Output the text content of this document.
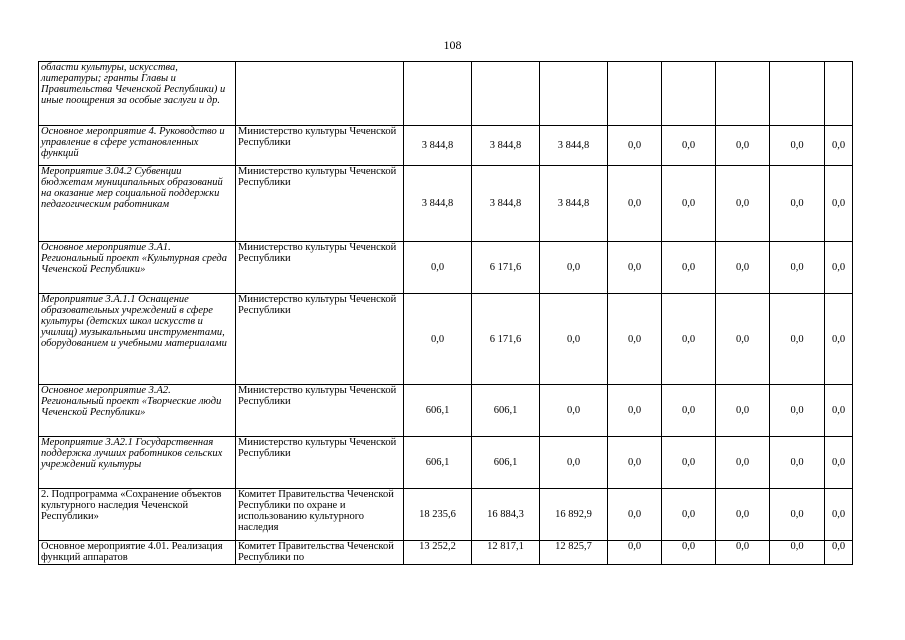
108
области культуры, искусства, литературы; гранты Главы и Правительства Чеченской Республики) и иные поощрения за особые заслуги и др.									
Основное мероприятие 4. Руководство и управление в сфере установленных функций	Министерство культуры Чеченской Республики	3 844,8	3 844,8	3 844,8	0,0	0,0	0,0	0,0	0,0
Мероприятие 3.04.2 Субвенции бюджетам муниципальных образований на оказание мер социальной поддержки педагогическим работникам	Министерство культуры Чеченской Республики	3 844,8	3 844,8	3 844,8	0,0	0,0	0,0	0,0	0,0
Основное мероприятие 3.А1. Региональный проект «Культурная среда Чеченской Республики»	Министерство культуры Чеченской Республики	0,0	6 171,6	0,0	0,0	0,0	0,0	0,0	0,0
Мероприятие 3.А.1.1 Оснащение образовательных учреждений в сфере культуры (детских школ искусств и училищ) музыкальными инструментами, оборудованием и учебными материалами	Министерство культуры Чеченской Республики	0,0	6 171,6	0,0	0,0	0,0	0,0	0,0	0,0
Основное мероприятие 3.А2. Региональный проект «Творческие люди Чеченской Республики»	Министерство культуры Чеченской Республики	606,1	606,1	0,0	0,0	0,0	0,0	0,0	0,0
Мероприятие 3.А2.1 Государственная поддержка лучших работников сельских учреждений культуры	Министерство культуры Чеченской Республики	606,1	606,1	0,0	0,0	0,0	0,0	0,0	0,0
2. Подпрограмма «Сохранение объектов культурного наследия Чеченской Республики»	Комитет Правительства Чеченской Республики по охране и использованию культурного наследия	18 235,6	16 884,3	16 892,9	0,0	0,0	0,0	0,0	0,0
Основное мероприятие 4.01. Реализация функций аппаратов	Комитет Правительства Чеченской Республики по	13 252,2	12 817,1	12 825,7	0,0	0,0	0,0	0,0	0,0
